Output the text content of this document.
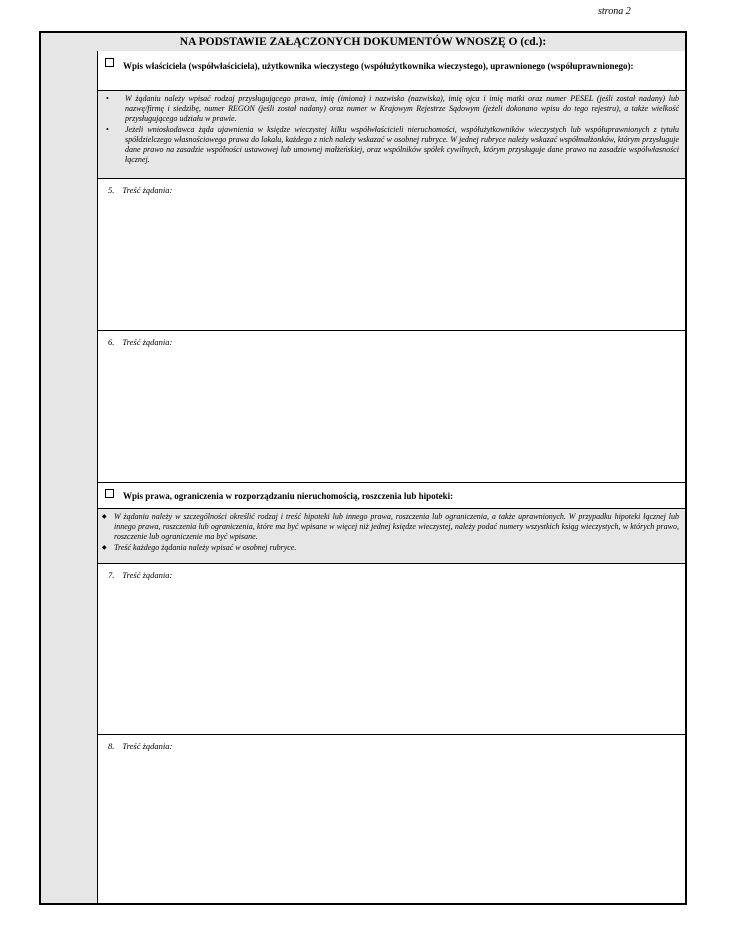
strona 2
NA PODSTAWIE ZAŁĄCZONYCH DOKUMENTÓW WNOSZĘ O (cd.):
Wpis właściciela (współwłaściciela), użytkownika wieczystego (współużytkownika wieczystego), uprawnionego (współuprawnionego):
• W żądaniu należy wpisać rodzaj przysługującego prawa, imię (imiona) i nazwisko (nazwiska), imię ojca i imię matki oraz numer PESEL (jeśli został nadany) lub nazwę/firmę i siedzibę, numer REGON (jeśli został nadany) oraz numer w Krajowym Rejestrze Sądowym (jeżeli dokonano wpisu do tego rejestru), a także wielkość przysługującego udziału w prawie.
• Jeżeli wnioskodawca żąda ujawnienia w księdze wieczystej kilku współwłaścicieli nieruchomości, współużytkowników wieczystych lub współuprawnionych z tytułu spółdzielczego własnościowego prawa do lokalu, każdego z nich należy wskazać w osobnej rubryce. W jednej rubryce należy wskazać współmałżonków, którym przysługuje dane prawo na zasadzie wspólności ustawowej lub umownej małżeńskiej, oraz wspólników spółek cywilnych, którym przysługuje dane prawo na zasadzie współwłasności łącznej.
5. Treść żądania:
6. Treść żądania:
Wpis prawa, ograniczenia w rozporządzaniu nieruchomością, roszczenia lub hipoteki:
◆ W żądaniu należy w szczególności określić rodzaj i treść hipoteki lub innego prawa, roszczenia lub ograniczenia, a także uprawnionych. W przypadku hipoteki łącznej lub innego prawa, roszczenia lub ograniczenia, które ma być wpisane w więcej niż jednej księdze wieczystej, należy podać numery wszystkich ksiąg wieczystych, w których prawo, roszczenie lub ograniczenie ma być wpisane.
◆ Treść każdego żądania należy wpisać w osobnej rubryce.
7. Treść żądania:
8. Treść żądania:
